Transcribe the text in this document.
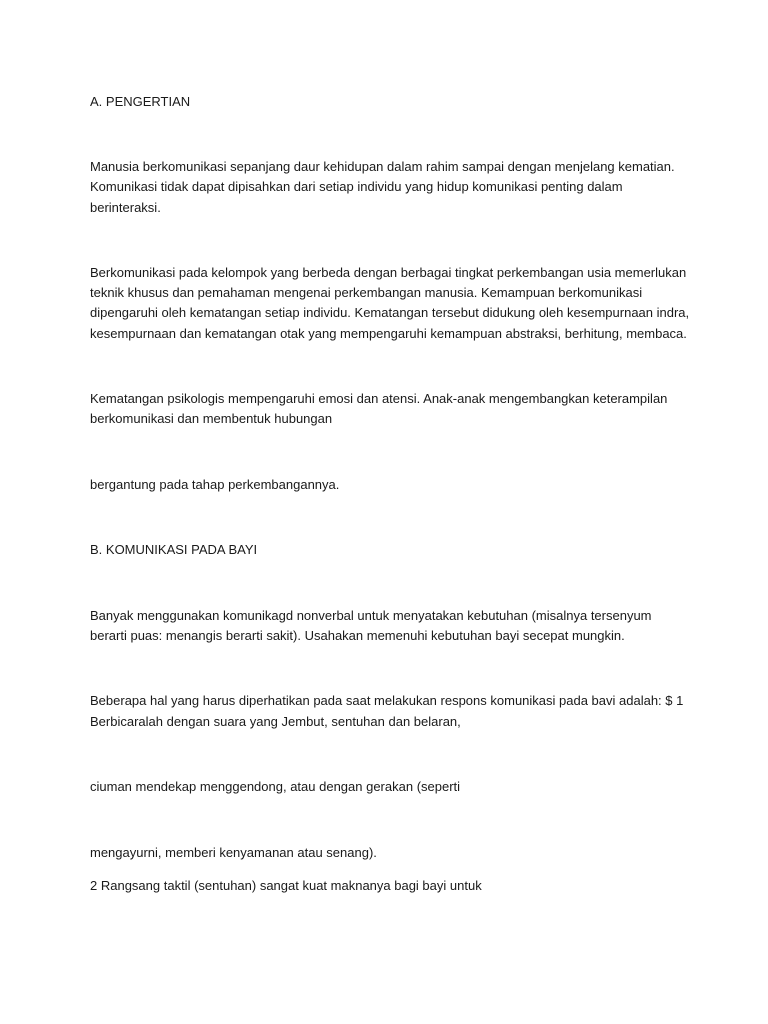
A. PENGERTIAN
Manusia berkomunikasi sepanjang daur kehidupan dalam rahim sampai dengan menjelang kematian.
Komunikasi tidak dapat dipisahkan dari setiap individu yang hidup komunikasi penting dalam
berinteraksi.
Berkomunikasi pada kelompok yang berbeda dengan berbagai tingkat perkembangan usia memerlukan
teknik khusus dan pemahaman mengenai perkembangan manusia. Kemampuan berkomunikasi
dipengaruhi oleh kematangan setiap individu. Kematangan tersebut didukung oleh kesempurnaan indra,
kesempurnaan dan kematangan otak yang mempengaruhi kemampuan abstraksi, berhitung, membaca.
Kematangan psikologis mempengaruhi emosi dan atensi. Anak-anak mengembangkan keterampilan
berkomunikasi dan membentuk hubungan
bergantung pada tahap perkembangannya.
B. KOMUNIKASI PADA BAYI
Banyak menggunakan komunikagd nonverbal untuk menyatakan kebutuhan (misalnya tersenyum
berarti puas: menangis berarti sakit). Usahakan memenuhi kebutuhan bayi secepat mungkin.
Beberapa hal yang harus diperhatikan pada saat melakukan respons komunikasi pada bavi adalah: $ 1
Berbicaralah dengan suara yang Jembut, sentuhan dan belaran,
ciuman mendekap menggendong, atau dengan gerakan (seperti
mengayurni, memberi kenyamanan atau senang).
2 Rangsang taktil (sentuhan) sangat kuat maknanya bagi bayi untuk
